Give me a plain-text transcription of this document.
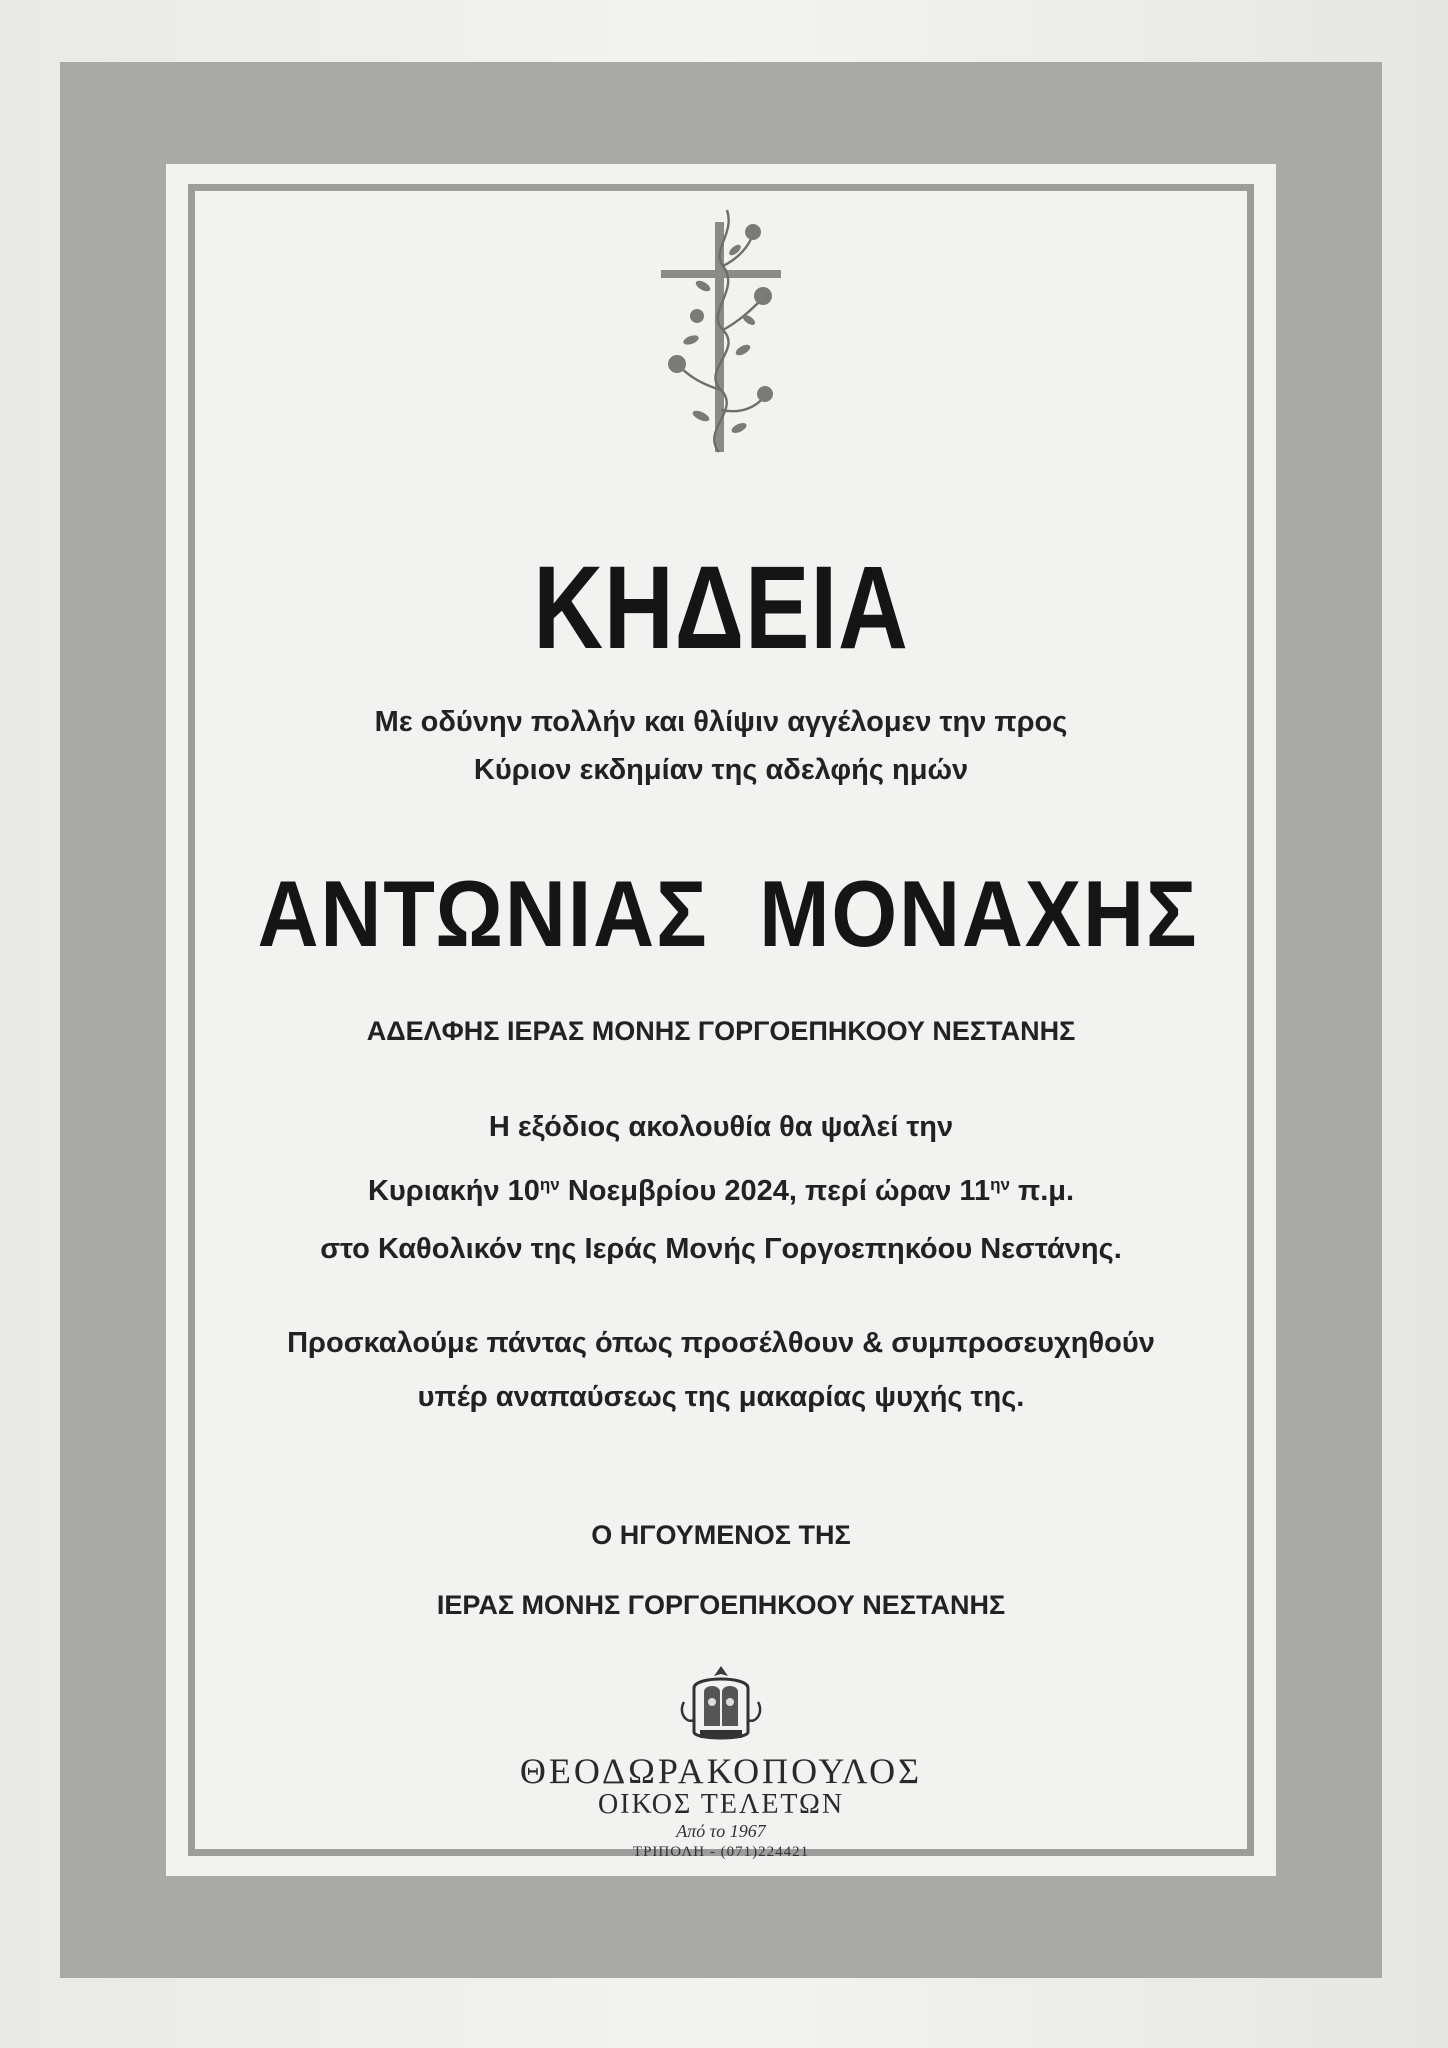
ΚΗΔΕΙΑ
Με οδύνην πολλήν και θλίψιν αγγέλομεν την προς
Κύριον εκδημίαν της αδελφής ημών
ΑΝΤΩΝΙΑΣ  ΜΟΝΑΧΗΣ
ΑΔΕΛΦΗΣ ΙΕΡΑΣ ΜΟΝΗΣ ΓΟΡΓΟΕΠΗΚΟΟΥ ΝΕΣΤΑΝΗΣ
Η εξόδιος ακολουθία θα ψαλεί την
Κυριακήν $10^{\eta\nu}$ Νοεμβρίου 2024, περί ώραν $11^{\eta\nu}$ π.μ.
στο Καθολικόν της Ιεράς Μονής Γοργοεπηκόου Νεστάνης.
Προσκαλούμε πάντας όπως προσέλθουν & συμπροσευχηθούν
υπέρ αναπαύσεως της μακαρίας ψυχής της.
Ο ΗΓΟΥΜΕΝΟΣ ΤΗΣ
ΙΕΡΑΣ ΜΟΝΗΣ ΓΟΡΓΟΕΠΗΚΟΟΥ ΝΕΣΤΑΝΗΣ
ΘΕΟΔΩΡΑΚΟΠΟΥΛΟΣ
ΟΙΚΟΣ ΤΕΛΕΤΩΝ
Από το 1967
ΤΡΙΠΟΛΗ - (071)224421
